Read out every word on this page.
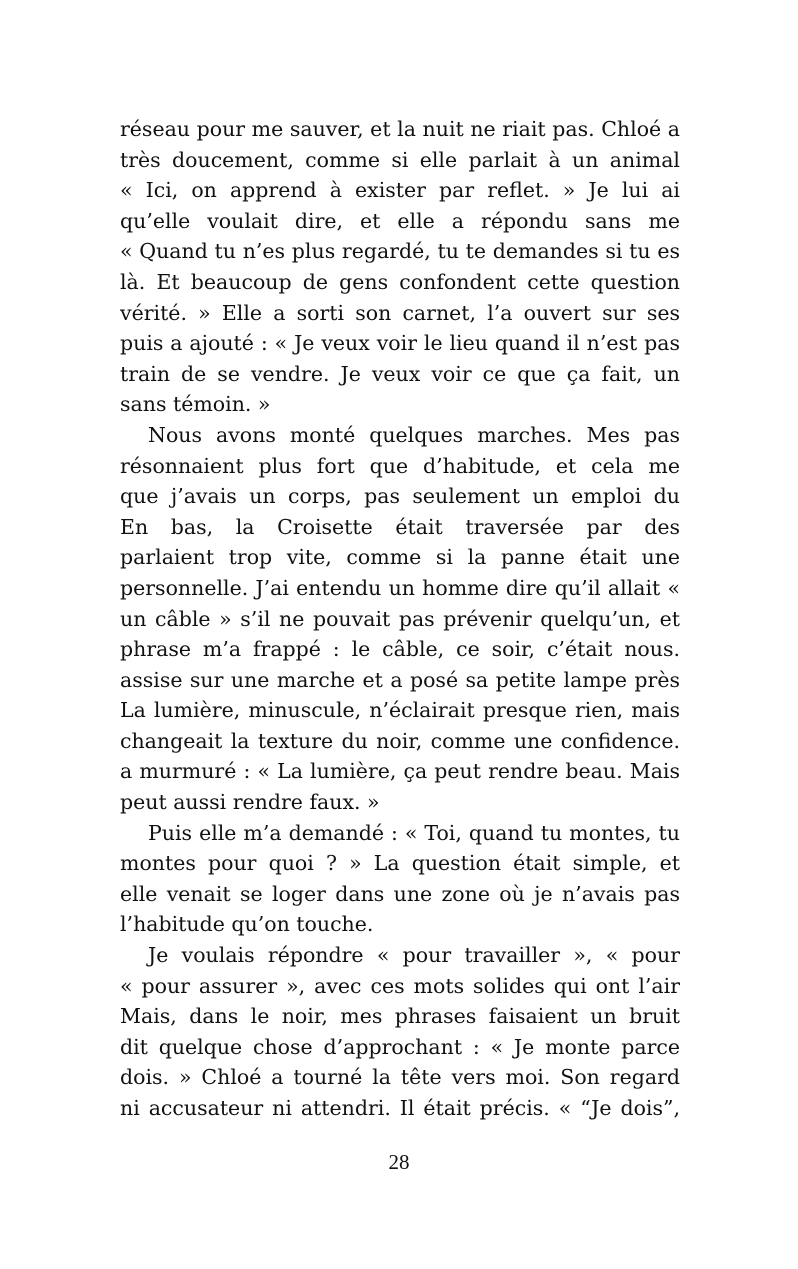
réseau pour me sauver, et la nuit ne riait pas. Chloé a
très doucement, comme si elle parlait à un animal
« Ici, on apprend à exister par reflet. » Je lui ai
qu’elle voulait dire, et elle a répondu sans me
« Quand tu n’es plus regardé, tu te demandes si tu es
là. Et beaucoup de gens confondent cette question
vérité. » Elle a sorti son carnet, l’a ouvert sur ses
puis a ajouté : « Je veux voir le lieu quand il n’est pas
train de se vendre. Je veux voir ce que ça fait, un
sans témoin. »
Nous avons monté quelques marches. Mes pas
résonnaient plus fort que d’habitude, et cela me
que j’avais un corps, pas seulement un emploi du
En bas, la Croisette était traversée par des
parlaient trop vite, comme si la panne était une
personnelle. J’ai entendu un homme dire qu’il allait «
un câble » s’il ne pouvait pas prévenir quelqu’un, et
phrase m’a frappé : le câble, ce soir, c’était nous.
assise sur une marche et a posé sa petite lampe près
La lumière, minuscule, n’éclairait presque rien, mais
changeait la texture du noir, comme une confidence.
a murmuré : « La lumière, ça peut rendre beau. Mais
peut aussi rendre faux. »
Puis elle m’a demandé : « Toi, quand tu montes, tu
montes pour quoi ? » La question était simple, et
elle venait se loger dans une zone où je n’avais pas
l’habitude qu’on touche.
Je voulais répondre « pour travailler », « pour
« pour assurer », avec ces mots solides qui ont l’air
Mais, dans le noir, mes phrases faisaient un bruit
dit quelque chose d’approchant : « Je monte parce
dois. » Chloé a tourné la tête vers moi. Son regard
ni accusateur ni attendri. Il était précis. « “Je dois”,
28
